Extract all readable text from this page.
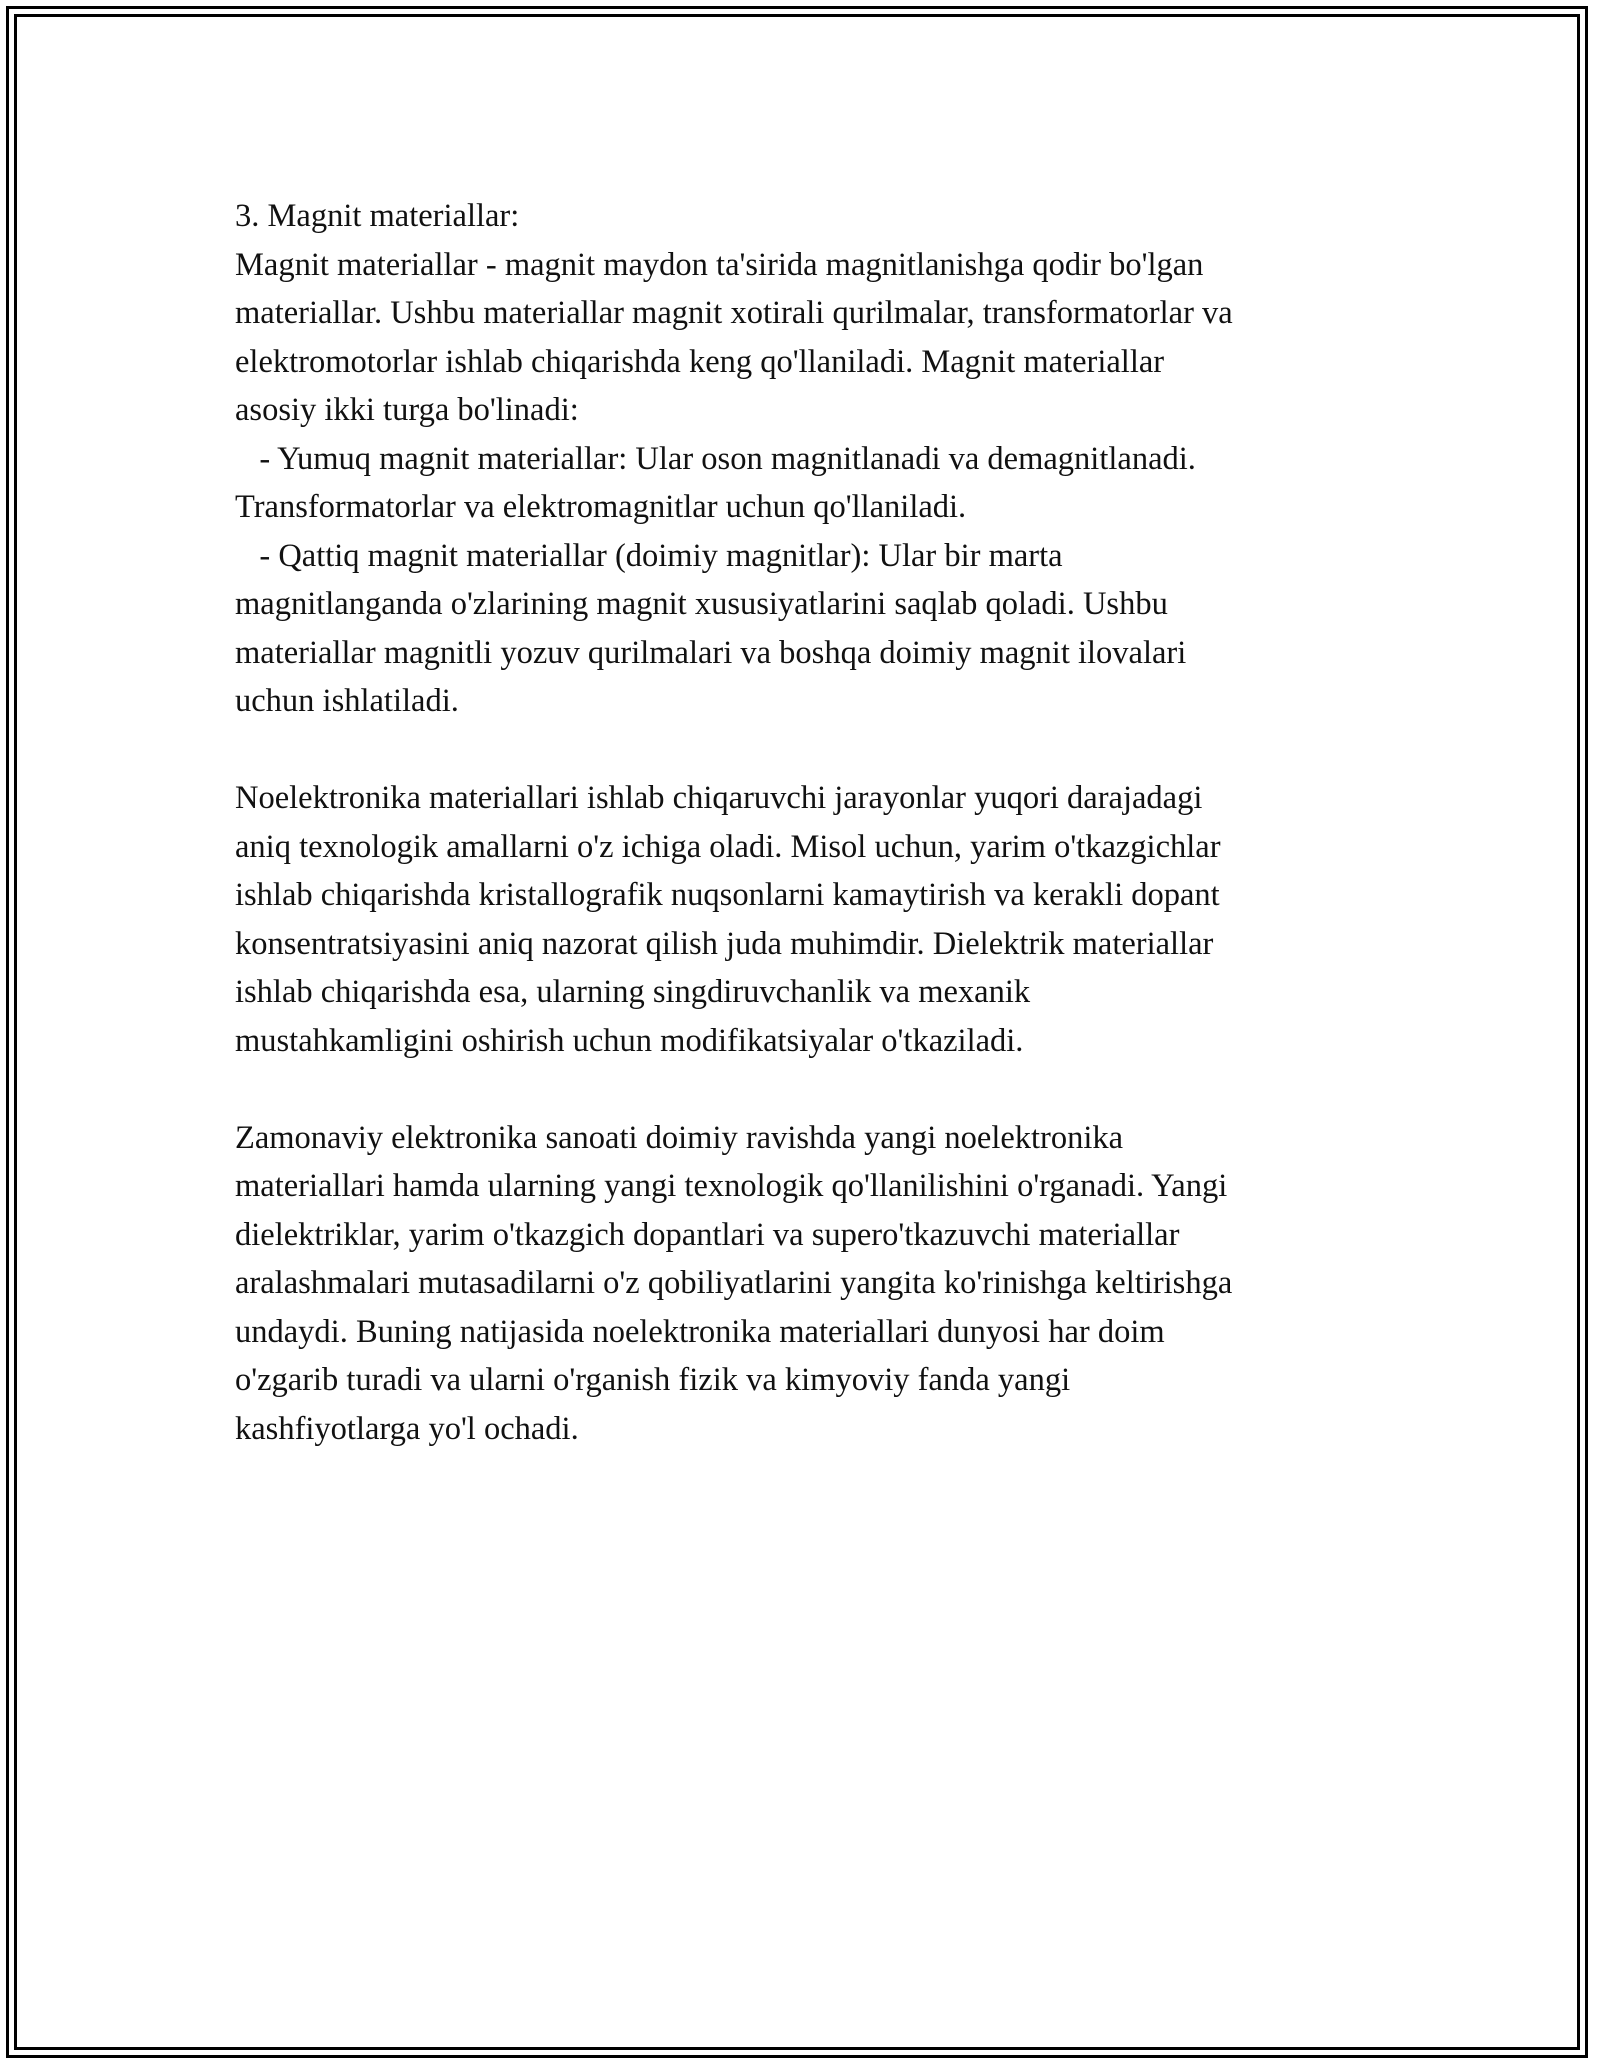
3. Magnit materiallar:
Magnit materiallar - magnit maydon ta'sirida magnitlanishga qodir bo'lgan
materiallar. Ushbu materiallar magnit xotirali qurilmalar, transformatorlar va
elektromotorlar ishlab chiqarishda keng qo'llaniladi. Magnit materiallar
asosiy ikki turga bo'linadi:
- Yumuq magnit materiallar: Ular oson magnitlanadi va demagnitlanadi.
Transformatorlar va elektromagnitlar uchun qo'llaniladi.
- Qattiq magnit materiallar (doimiy magnitlar): Ular bir marta
magnitlanganda o'zlarining magnit xususiyatlarini saqlab qoladi. Ushbu
materiallar magnitli yozuv qurilmalari va boshqa doimiy magnit ilovalari
uchun ishlatiladi.
Noelektronika materiallari ishlab chiqaruvchi jarayonlar yuqori darajadagi
aniq texnologik amallarni o'z ichiga oladi. Misol uchun, yarim o'tkazgichlar
ishlab chiqarishda kristallografik nuqsonlarni kamaytirish va kerakli dopant
konsentratsiyasini aniq nazorat qilish juda muhimdir. Dielektrik materiallar
ishlab chiqarishda esa, ularning singdiruvchanlik va mexanik
mustahkamligini oshirish uchun modifikatsiyalar o'tkaziladi.
Zamonaviy elektronika sanoati doimiy ravishda yangi noelektronika
materiallari hamda ularning yangi texnologik qo'llanilishini o'rganadi. Yangi
dielektriklar, yarim o'tkazgich dopantlari va supero'tkazuvchi materiallar
aralashmalari mutasadilarni o'z qobiliyatlarini yangita ko'rinishga keltirishga
undaydi. Buning natijasida noelektronika materiallari dunyosi har doim
o'zgarib turadi va ularni o'rganish fizik va kimyoviy fanda yangi
kashfiyotlarga yo'l ochadi.
